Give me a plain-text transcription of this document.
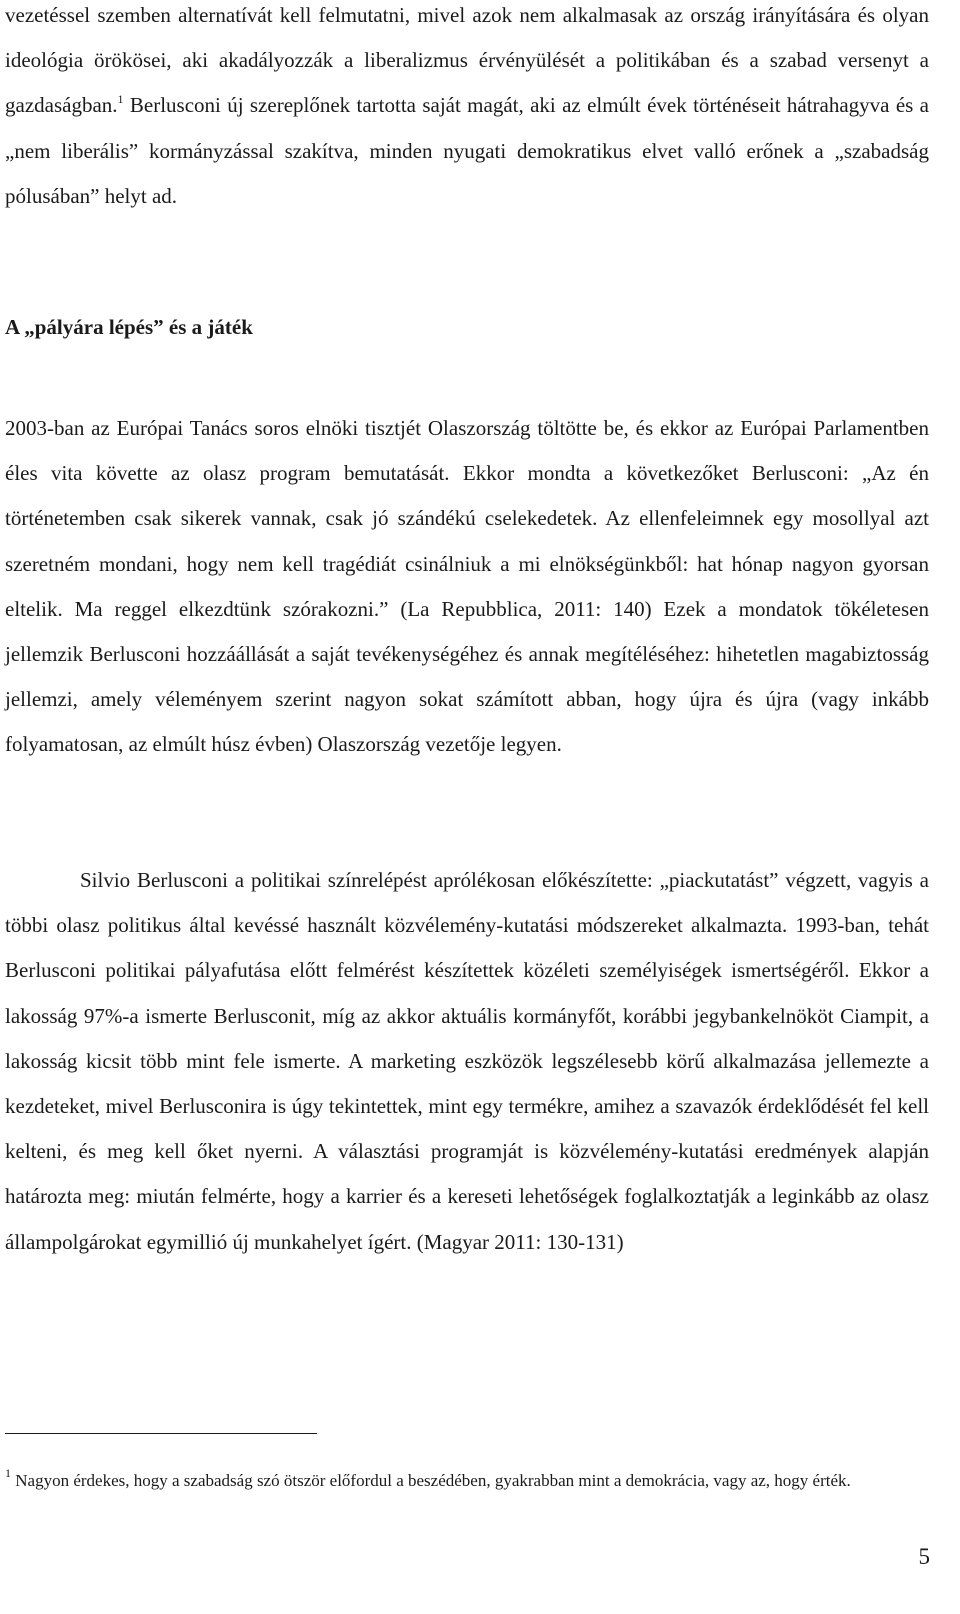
vezetéssel szemben alternatívát kell felmutatni, mivel azok nem alkalmasak az ország irányítására és olyan ideológia örökösei, aki akadályozzák a liberalizmus érvényülését a politikában és a szabad versenyt a gazdaságban.$^1$ Berlusconi új szereplőnek tartotta saját magát, aki az elmúlt évek történéseit hátrahagyva és a „nem liberális” kormányzással szakítva, minden nyugati demokratikus elvet valló erőnek a „szabadság pólusában” helyt ad.

A „pályára lépés” és a játék

2003-ban az Európai Tanács soros elnöki tisztjét Olaszország töltötte be, és ekkor az Európai Parlamentben éles vita követte az olasz program bemutatását. Ekkor mondta a következőket Berlusconi: „Az én történetemben csak sikerek vannak, csak jó szándékú cselekedetek. Az ellenfeleimnek egy mosollyal azt szeretném mondani, hogy nem kell tragédiát csinálniuk a mi elnökségünkből: hat hónap nagyon gyorsan eltelik. Ma reggel elkezdtünk szórakozni.” (La Repubblica, 2011: 140) Ezek a mondatok tökéletesen jellemzik Berlusconi hozzáállását a saját tevékenységéhez és annak megítéléséhez: hihetetlen magabiztosság jellemzi, amely véleményem szerint nagyon sokat számított abban, hogy újra és újra (vagy inkább folyamatosan, az elmúlt húsz évben) Olaszország vezetője legyen.

Silvio Berlusconi a politikai színrelépést aprólékosan előkészítette: „piackutatást” végzett, vagyis a többi olasz politikus által kevéssé használt közvélemény-kutatási módszereket alkalmazta. 1993-ban, tehát Berlusconi politikai pályafutása előtt felmérést készítettek közéleti személyiségek ismertségéről. Ekkor a lakosság 97%-a ismerte Berlusconit, míg az akkor aktuális kormányfőt, korábbi jegybankelnököt Ciampit, a lakosság kicsit több mint fele ismerte. A marketing eszközök legszélesebb körű alkalmazása jellemezte a kezdeteket, mivel Berlusconira is úgy tekintettek, mint egy termékre, amihez a szavazók érdeklődését fel kell kelteni, és meg kell őket nyerni. A választási programját is közvélemény-kutatási eredmények alapján határozta meg: miután felmérte, hogy a karrier és a kereseti lehetőségek foglalkoztatják a leginkább az olasz állampolgárokat egymillió új munkahelyet ígért. (Magyar 2011: 130-131)

$^1$ Nagyon érdekes, hogy a szabadság szó ötször előfordul a beszédében, gyakrabban mint a demokrácia, vagy az, hogy érték.

5
